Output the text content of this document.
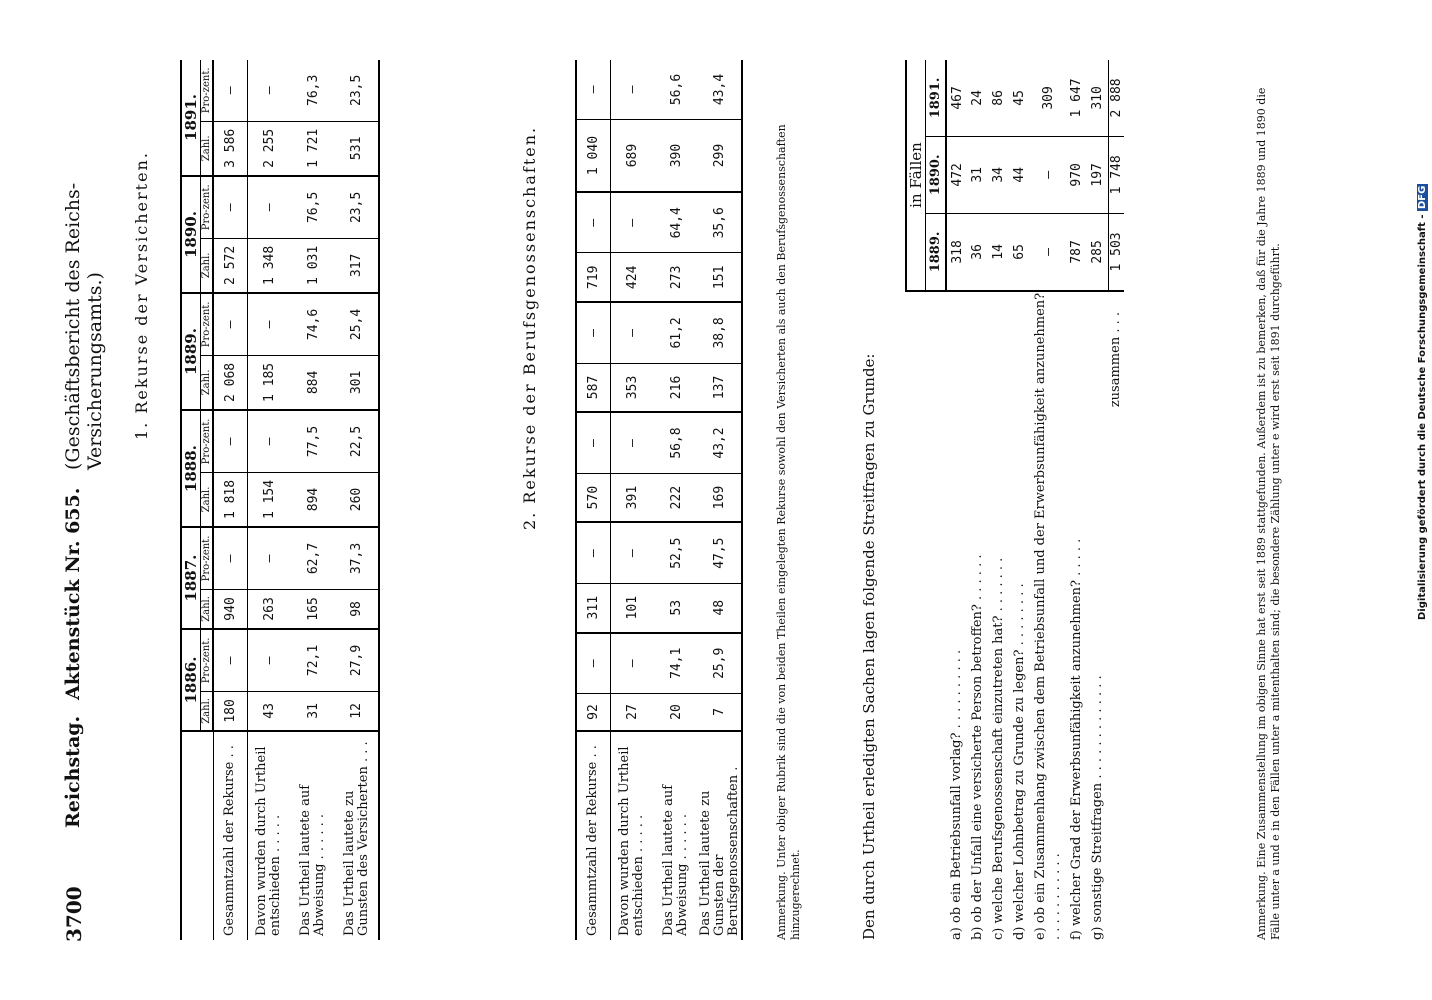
3700
Reichstag.
Aktenstück Nr. 655.
(Geschäftsbericht des Reichs-Versicherungsamts.) 1. Rekurse der Versicherten.
	1886.		1887.		1888.		1889.		1890.		1891.	
	Zahl.	Pro-zent.	Zahl.	Pro-zent.	Zahl.	Pro-zent.	Zahl.	Pro-zent.	Zahl.	Pro-zent.	Zahl.	Pro-zent.
Gesammtzahl der Rekurse . .	180	—	940	—	1 818	—	2 068	—	2 572	—	3 586	—
Davon wurden durch Urtheil entschieden . . . . .	43	—	263	—	1 154	—	1 185	—	1 348	—	2 255	—
Das Urtheil lautete auf Abweisung . . . . . .	31	72,1	165	62,7	894	77,5	884	74,6	1 031	76,5	1 721	76,3
Das Urtheil lautete zu Gunsten des Versicherten . . .	12	27,9	98	37,3	260	22,5	301	25,4	317	23,5	531	23,5
2. Rekurse der Berufsgenossenschaften.
Gesammtzahl der Rekurse . .	92	—	311	—	570	—	587	—	719	—	1 040	—
Davon wurden durch Urtheil entschieden . . . . .	27	—	101	—	391	—	353	—	424	—	689	—
Das Urtheil lautete auf Abweisung . . . . . .	20	74,1	53	52,5	222	56,8	216	61,2	273	64,4	390	56,6
Das Urtheil lautete zu Gunsten der Berufsgenossenschaften .	7	25,9	48	47,5	169	43,2	137	38,8	151	35,6	299	43,4
Anmerkung. Unter obiger Rubrik sind die von beiden Theilen eingelegten Rekurse sowohl den Versicherten als auch den Berufsgenossenschaften hinzugerechnet.	Den durch Urtheil erledigten Sachen lagen folgende Streitfragen zu Grunde:
	in Fällen		
	1889.	1890.	1891.
a) ob ein Betriebsunfall vorlag? . . . . . . . . . .	318	472	467
b) ob der Unfall eine versicherte Person betroffen? . . . . . .	36	31	24
c) welche Berufsgenossenschaft einzutreten hat? . . . . . . .	14	34	86
d) welcher Lohnbetrag zu Grunde zu legen? . . . . . . . .	65	44	45
e) ob ein Zusammenhang zwischen dem Betriebsunfall und der Erwerbsunfähigkeit anzunehmen? . . . . . . . . . . .	—	—	309
f) welcher Grad der Erwerbsunfähigkeit anzunehmen? . . . . .	787	970	1 647
g) sonstige Streitfragen . . . . . . . . . . . . .	285	197	310
zusammen . . .	1 503	1 748	2 888	Anmerkung. Eine Zusammenstellung im obigen Sinne hat erst seit 1889 stattgefunden. Außerdem ist zu bemerken, daß für die Jahre 1889 und 1890 die Fälle unter a und e in den Fällen unter a mitenthalten sind; die besondere Zählung unter e wird erst seit 1891 durchgeführt.	Digitalisierung gefördert durch die Deutsche Forschungsgemeinschaft - DFG
